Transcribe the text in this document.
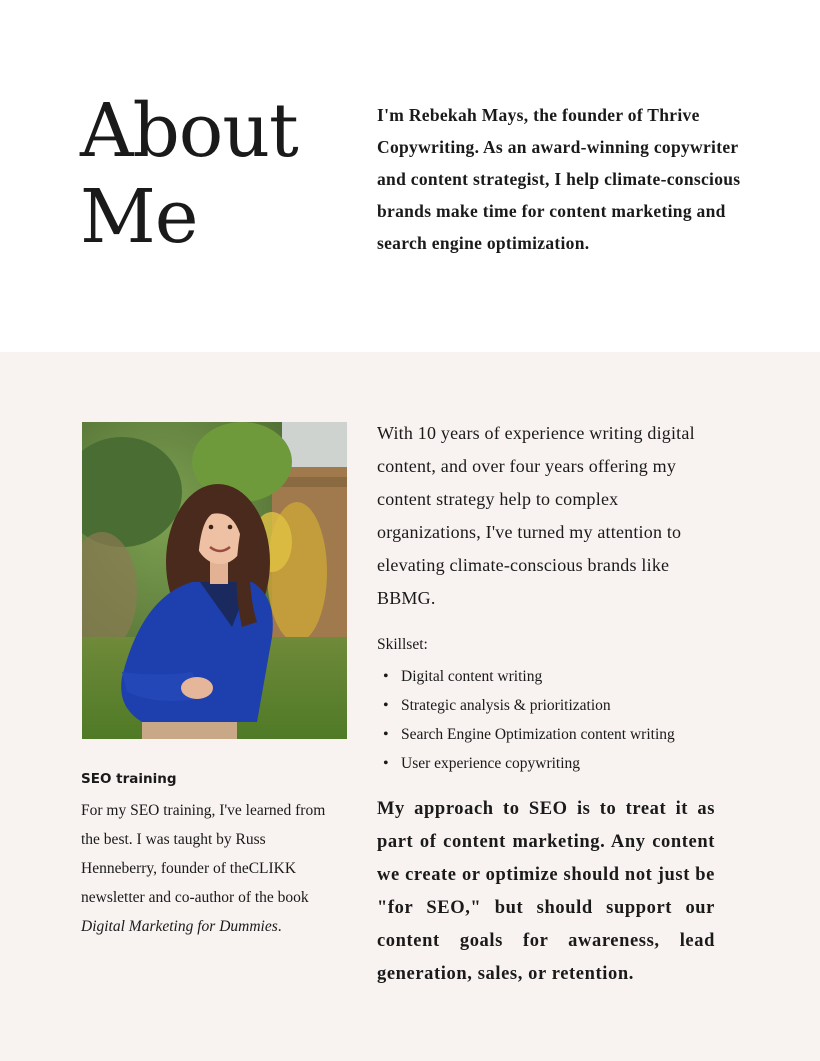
About
Me

I'm Rebekah Mays, the founder of Thrive Copywriting. As an award-winning copywriter and content strategist, I help climate-conscious brands make time for content marketing and search engine optimization.

SEO training

For my SEO training, I've learned from the best. I was taught by Russ Henneberry, founder of theCLIKK newsletter and co-author of the book Digital Marketing for Dummies.

With 10 years of experience writing digital content, and over four years offering my content strategy help to complex organizations, I've turned my attention to elevating climate-conscious brands like BBMG.

Skillset:

• Digital content writing
• Strategic analysis & prioritization
• Search Engine Optimization content writing
• User experience copywriting

My approach to SEO is to treat it as part of content marketing. Any content we create or optimize should not just be "for SEO," but should support our content goals for awareness, lead generation, sales, or retention.
